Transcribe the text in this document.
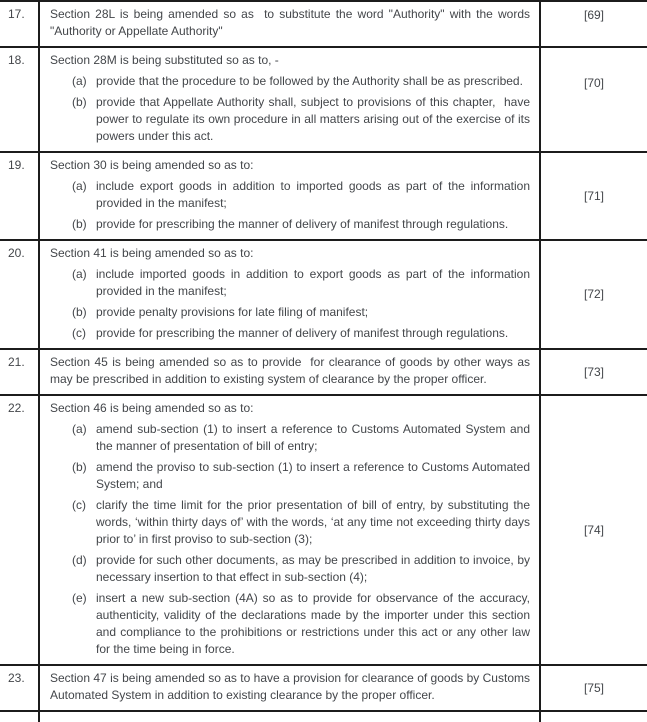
17.	Section 28L is being amended so as  to substitute the word "Authority" with the words "Authority or Appellate Authority"

[69]
18.	Section 28M is being substituted so as to, -

(a) provide that the procedure to be followed by the Authority shall be as prescribed.
(b) provide that Appellate Authority shall, subject to provisions of this chapter,  have power to regulate its own procedure in all matters arising out of the exercise of its powers under this act.
[70]
19.	Section 30 is being amended so as to:

(a) include export goods in addition to imported goods as part of the information provided in the manifest;
(b) provide for prescribing the manner of delivery of manifest through regulations.
[71]
20.	Section 41 is being amended so as to:

(a) include imported goods in addition to export goods as part of the information provided in the manifest;
(b) provide penalty provisions for late filing of manifest;
(c) provide for prescribing the manner of delivery of manifest through regulations.
[72]
21.	Section 45 is being amended so as to provide  for clearance of goods by other ways as may be prescribed in addition to existing system of clearance by the proper officer.

[73]
22.	Section 46 is being amended so as to:

(a) amend sub-section (1) to insert a reference to Customs Automated System and the manner of presentation of bill of entry;
(b) amend the proviso to sub-section (1) to insert a reference to Customs Automated System; and
(c) clarify the time limit for the prior presentation of bill of entry, by substituting the words, ‘within thirty days of’ with the words, ‘at any time not exceeding thirty days prior to’ in first proviso to sub-section (3);
(d) provide for such other documents, as may be prescribed in addition to invoice, by necessary insertion to that effect in sub-section (4);
(e) insert a new sub-section (4A) so as to provide for observance of the accuracy, authenticity, validity of the declarations made by the importer under this section and compliance to the prohibitions or restrictions under this act or any other law for the time being in force.
[74]
23.	Section 47 is being amended so as to have a provision for clearance of goods by Customs Automated System in addition to existing clearance by the proper officer.

[75]
